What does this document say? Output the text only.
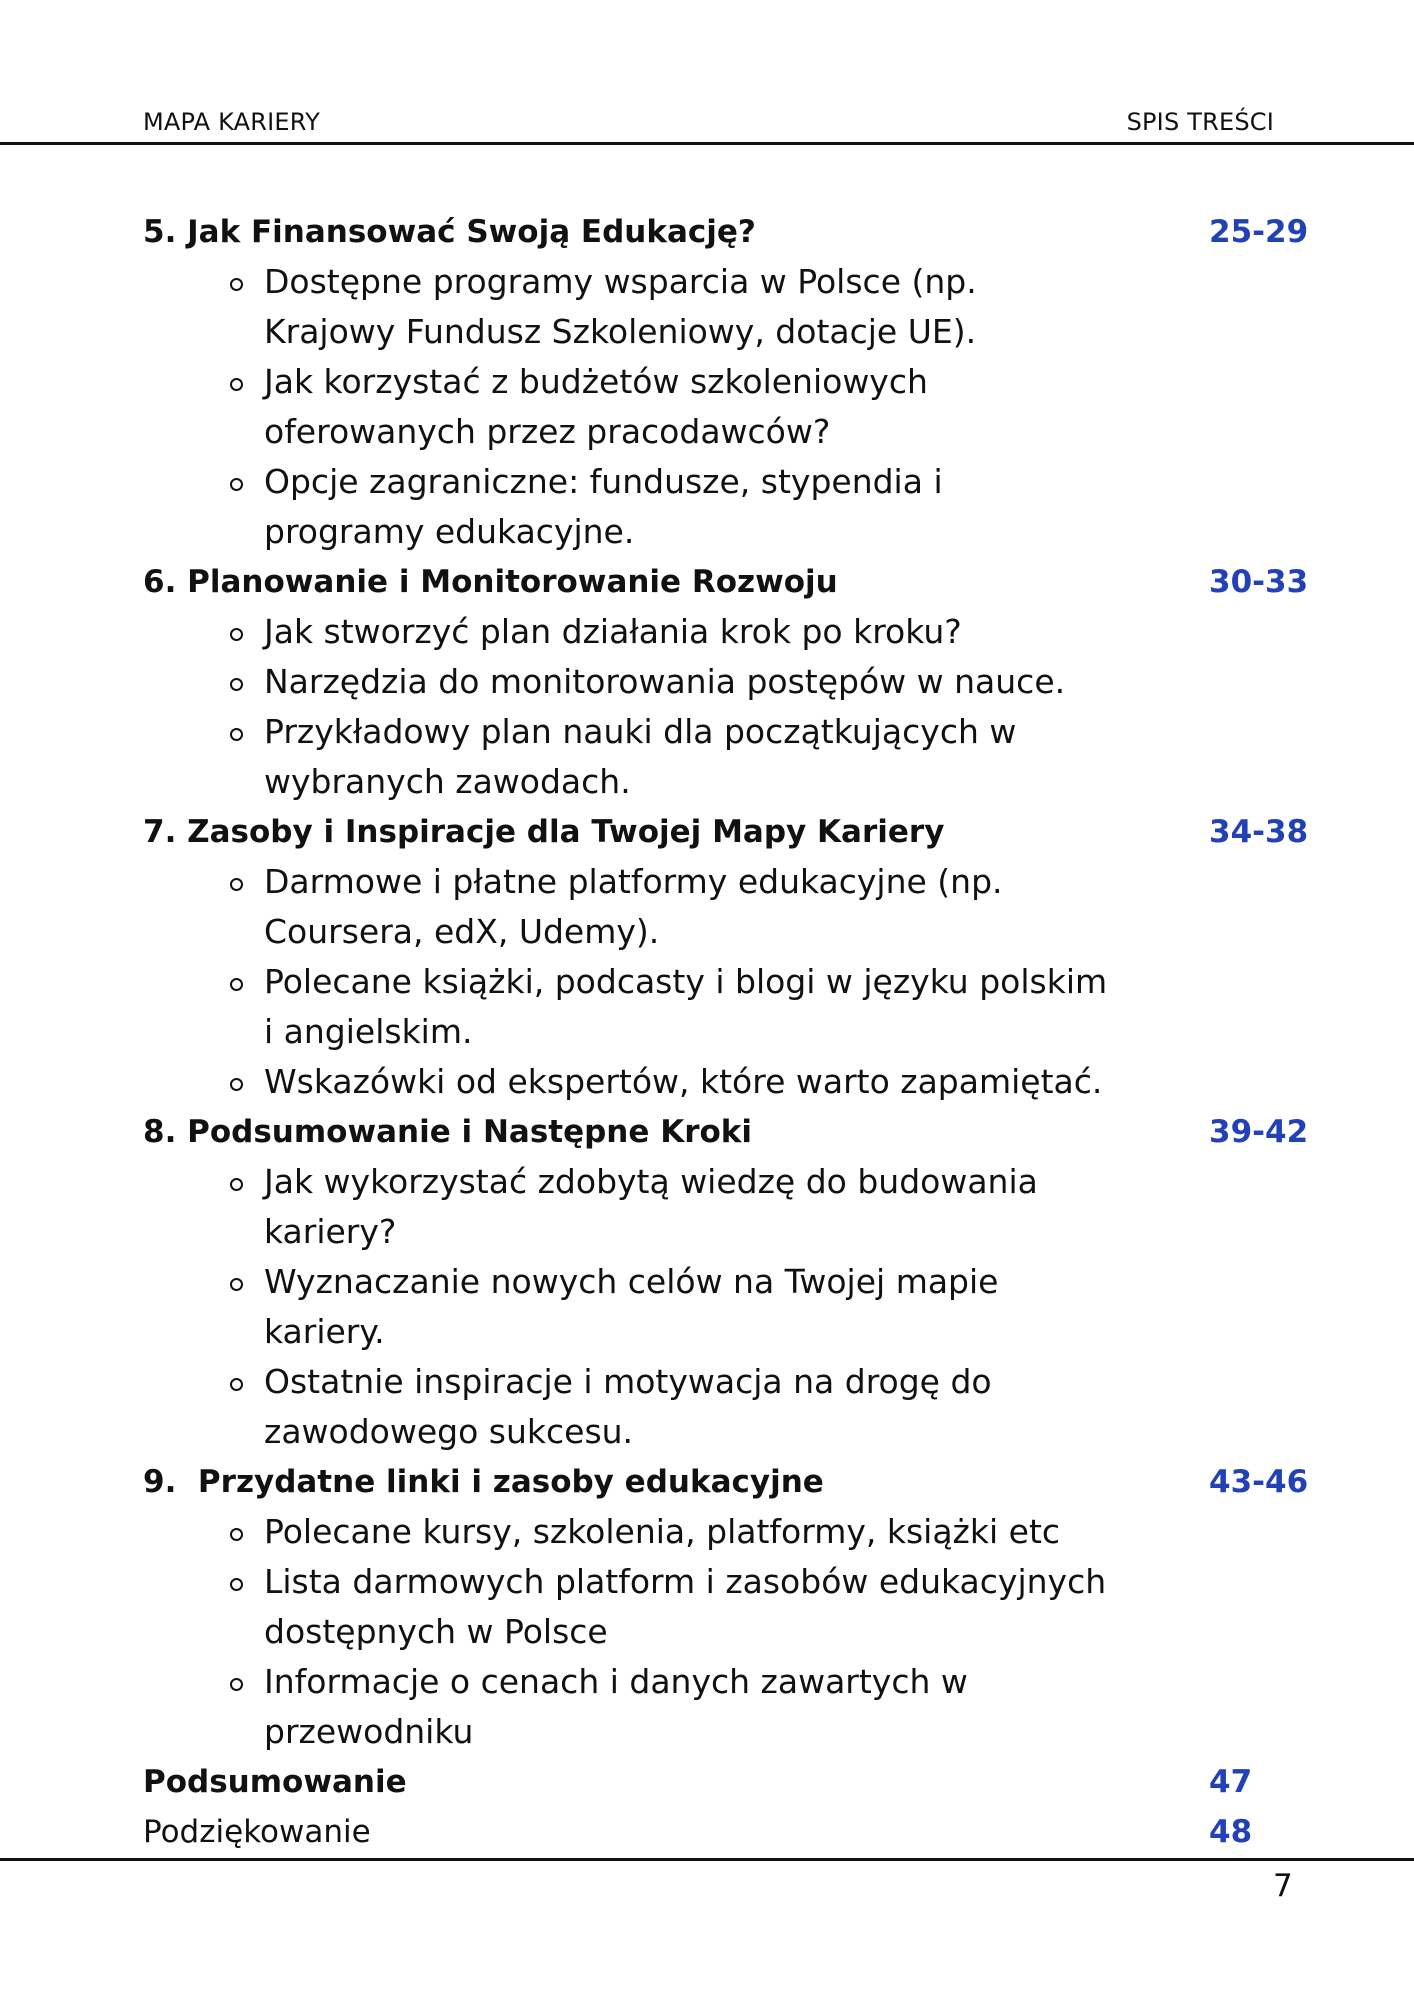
MAPA KARIERY	SPIS TREŚCI
5. Jak Finansować Swoją Edukację?	25-29
Dostępne programy wsparcia w Polsce (np. Krajowy Fundusz Szkoleniowy, dotacje UE).
Jak korzystać z budżetów szkoleniowych oferowanych przez pracodawców?
Opcje zagraniczne: fundusze, stypendia i programy edukacyjne.
6. Planowanie i Monitorowanie Rozwoju	30-33
Jak stworzyć plan działania krok po kroku?
Narzędzia do monitorowania postępów w nauce.
Przykładowy plan nauki dla początkujących w wybranych zawodach.
7. Zasoby i Inspiracje dla Twojej Mapy Kariery	34-38
Darmowe i płatne platformy edukacyjne (np. Coursera, edX, Udemy).
Polecane książki, podcasty i blogi w języku polskim i angielskim.
Wskazówki od ekspertów, które warto zapamiętać.
8. Podsumowanie i Następne Kroki	39-42
Jak wykorzystać zdobytą wiedzę do budowania kariery?
Wyznaczanie nowych celów na Twojej mapie kariery.
Ostatnie inspiracje i motywacja na drogę do zawodowego sukcesu.
9.  Przydatne linki i zasoby edukacyjne	43-46
Polecane kursy, szkolenia, platformy, książki etc
Lista darmowych platform i zasobów edukacyjnych dostępnych w Polsce
Informacje o cenach i danych zawartych w przewodniku
Podsumowanie	47
Podziękowanie	48
7
